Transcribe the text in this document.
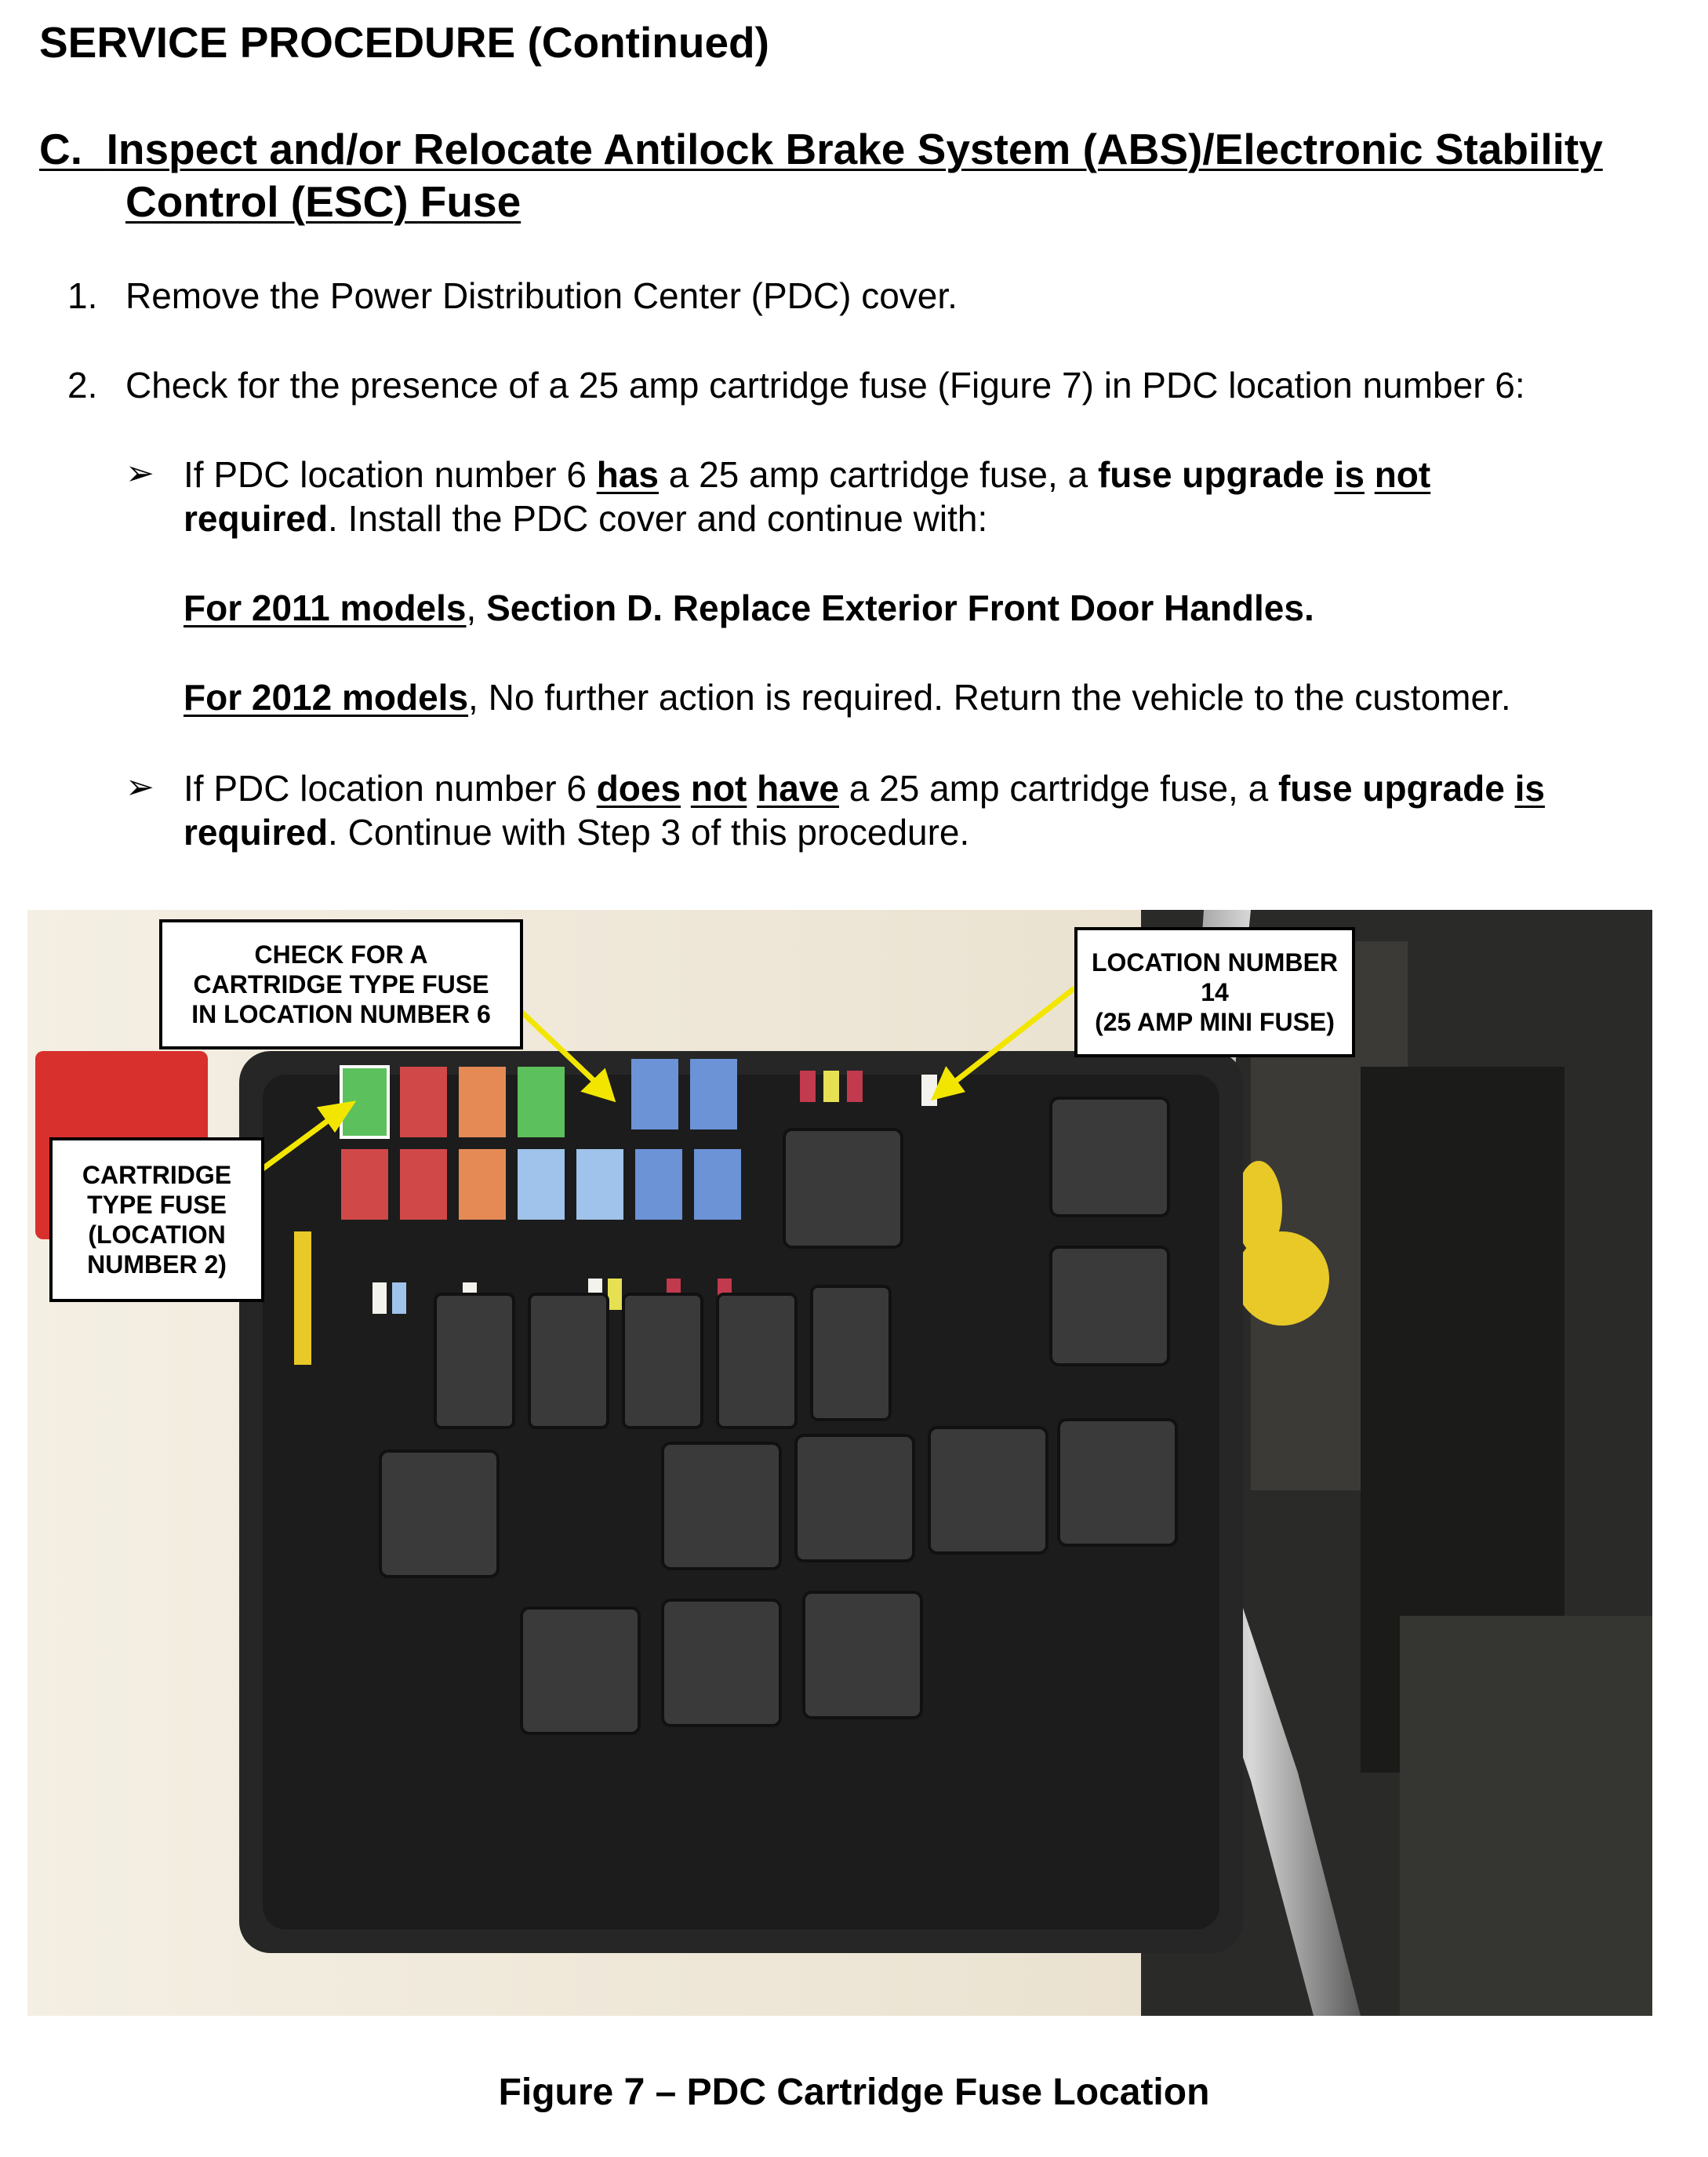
SERVICE PROCEDURE (Continued)
C. Inspect and/or Relocate Antilock Brake System (ABS)/Electronic Stability
Control (ESC) Fuse
1. Remove the Power Distribution Center (PDC) cover.
2. Check for the presence of a 25 amp cartridge fuse (Figure 7) in PDC location number 6:
➢ If PDC location number 6 has a 25 amp cartridge fuse, a fuse upgrade is not
required. Install the PDC cover and continue with:
For 2011 models, Section D. Replace Exterior Front Door Handles.
For 2012 models, No further action is required. Return the vehicle to the customer.
➢ If PDC location number 6 does not have a 25 amp cartridge fuse, a fuse upgrade is
required. Continue with Step 3 of this procedure.
CHECK FOR A
CARTRIDGE TYPE FUSE
IN LOCATION NUMBER 6
LOCATION NUMBER
14
(25 AMP MINI FUSE)
CARTRIDGE
TYPE FUSE
(LOCATION
NUMBER 2)
Figure 7 – PDC Cartridge Fuse Location
